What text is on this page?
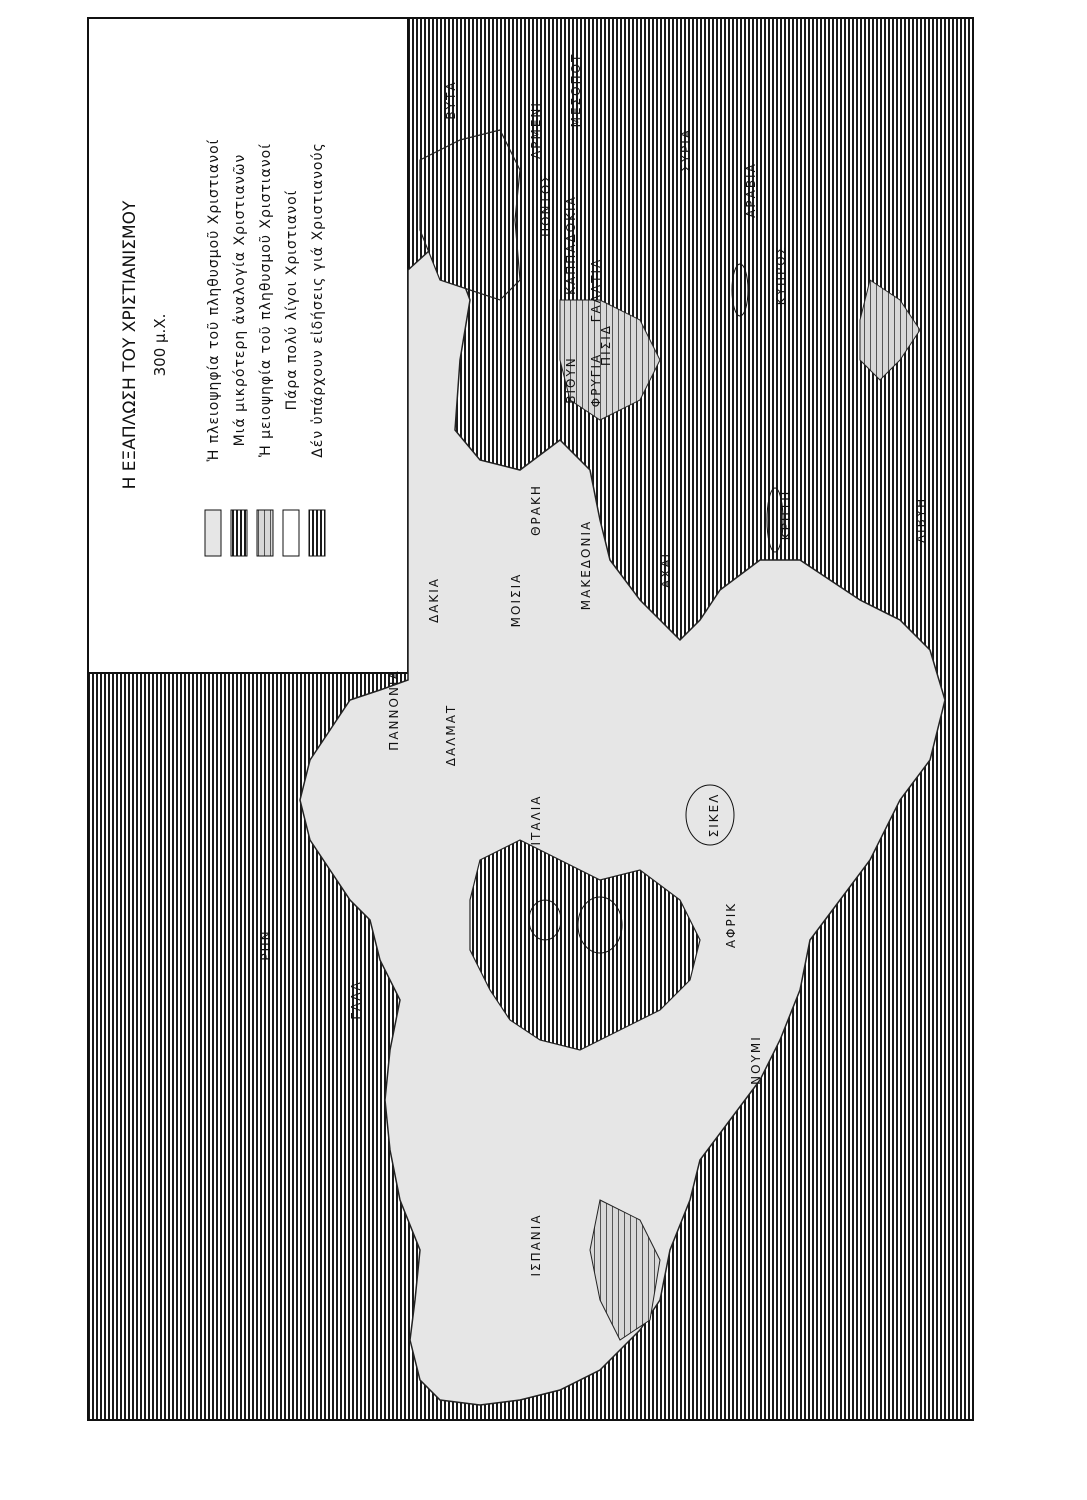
Η ΕΞΑΠΛΩΣΗ ΤΟΥ ΧΡΙΣΤΙΑΝΙΣΜΟΥ 300 μ.Χ.	Ἡ πλειοψηφία τοῦ πληθυσμοῦ Χριστιανοί Μιά μικρότερη ἀναλογία Χριστιανῶν Ἡ μειοψηφία τοῦ πληθυσμοῦ Χριστιανοί Πάρα πολύ λίγοι Χριστιανοί Δέν ὑπάρχουν εἰδήσεις γιά Χριστιανούς
ΒΥΤΑ
ΑΡΜΕΝΙ
ΜΕΣΟΠΟΤ
ΣΥΡΙΑ
ΑΡΑΒΙΑ
ΠΟΝΤΟΣ ΚΑΠΠΑΔΟΚΙΑ ΓΑΛΑΤΙΑ
ΒΙΘΥΝ ΦΡΥΓΙΑ
ΠΙΣΙΔ
ΚΥΠΡΟΣ
ΚΡΗΤΗ
ΘΡΑΚΗ
ΜΑΚΕΔΟΝΙΑ	ΑΧΑΙ
ΜΟΙΣΙΑ
ΔΑΚΙΑ
ΠΑΝΝΟΝΙΑ	ΔΑΛΜΑΤ
ΙΤΑΛΙΑ	ΣΙΚΕΛ
ΑΦΡΙΚ
ΝΟΥΜΙ
ΛΙΒΥΗ
ΓΑΛΑ
ΡΗΝ
ΙΣΠΑΝΙΑ
